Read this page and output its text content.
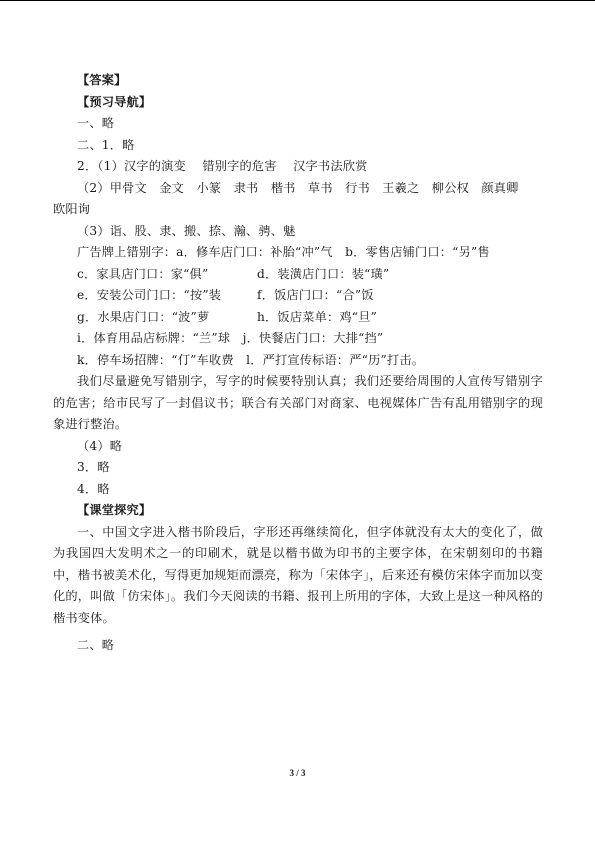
【答案】
【预习导航】
一、略
二、1．略
2．（1）汉字的演变　 错别字的危害　 汉字书法欣赏
（2）甲骨文　金文　小篆　隶书　楷书　草书　行书　王羲之　柳公权　颜真卿　欧阳询
（3）诣、股、隶、搬、捺、瀚、骋、魅
广告牌上错别字：a．修车店门口：补胎“冲”气　b．零售店铺门口：“另”售
c．家具店门口：家“俱”	d．装潢店门口：装“璜”
e．安装公司门口：“按”装	f．饭店门口：“合”饭
g．水果店门口：“波”萝	h．饭店菜单：鸡“旦”
i．体育用品店标牌：“兰”球　j．快餐店门口：大排“挡”
k．停车场招牌：“仃”车收费　l．严打宣传标语：严“历”打击。
我们尽量避免写错别字，写字的时候要特别认真；我们还要给周围的人宣传写错别字的危害；给市民写了一封倡议书；联合有关部门对商家、电视媒体广告有乱用错别字的现象进行整治。
（4）略
3．略
4．略
【课堂探究】
一、中国文字进入楷书阶段后，字形还再继续简化，但字体就没有太大的变化了，做为我国四大发明术之一的印刷术，就是以楷书做为印书的主要字体，在宋朝刻印的书籍中，楷书被美术化，写得更加规矩而漂亮，称为「宋体字」，后来还有模仿宋体字而加以变化的，叫做「仿宋体」。我们今天阅读的书籍、报刊上所用的字体，大致上是这一种风格的楷书变体。
二、略
3 / 3
